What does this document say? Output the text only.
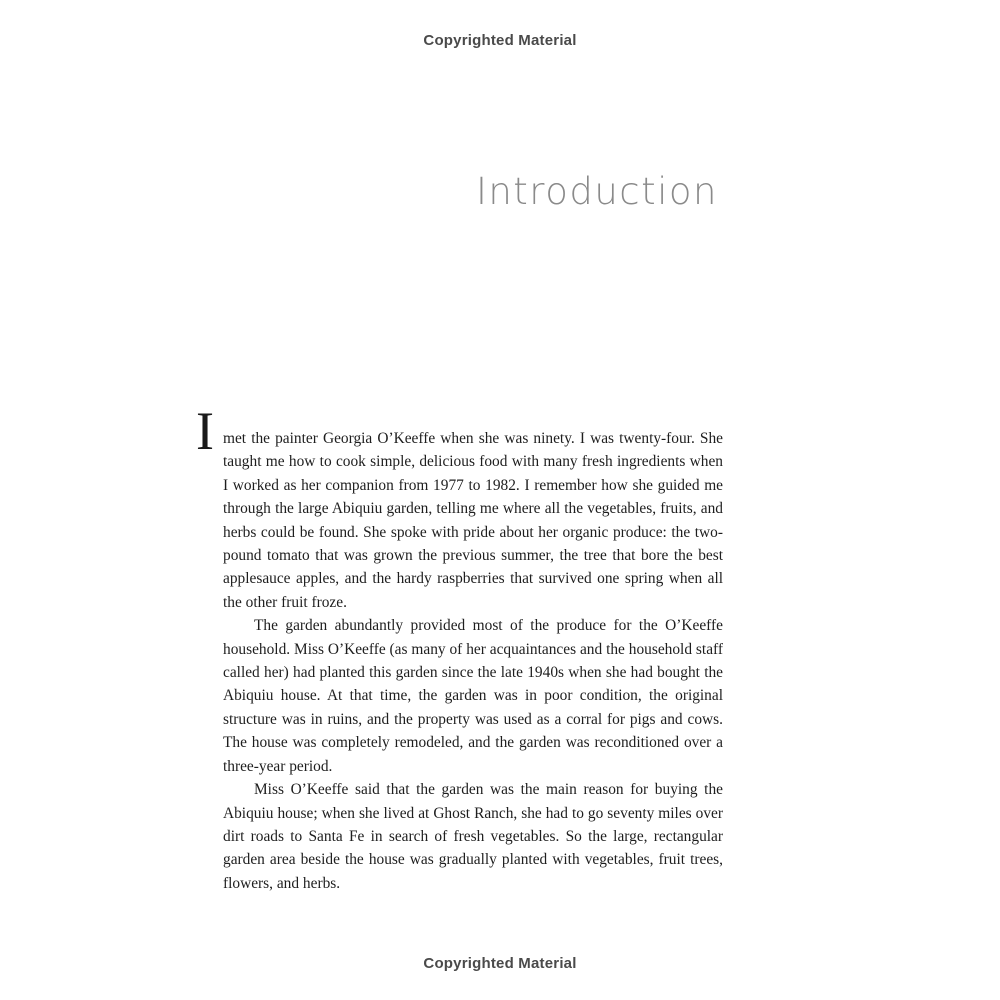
Copyrighted Material
Introduction
I met the painter Georgia O’Keeffe when she was ninety. I was twenty-four. She taught me how to cook simple, delicious food with many fresh ingredients when I worked as her companion from 1977 to 1982. I remember how she guided me through the large Abiquiu garden, telling me where all the vegetables, fruits, and herbs could be found. She spoke with pride about her organic produce: the two-pound tomato that was grown the previous summer, the tree that bore the best applesauce apples, and the hardy raspberries that survived one spring when all the other fruit froze.

The garden abundantly provided most of the produce for the O’Keeffe household. Miss O’Keeffe (as many of her acquaintances and the household staff called her) had planted this garden since the late 1940s when she had bought the Abiquiu house. At that time, the garden was in poor condition, the original structure was in ruins, and the property was used as a corral for pigs and cows. The house was completely remodeled, and the garden was reconditioned over a three-year period.

Miss O’Keeffe said that the garden was the main reason for buying the Abiquiu house; when she lived at Ghost Ranch, she had to go seventy miles over dirt roads to Santa Fe in search of fresh vegetables. So the large, rectangular garden area beside the house was gradually planted with vegetables, fruit trees, flowers, and herbs.

Copyrighted Material
